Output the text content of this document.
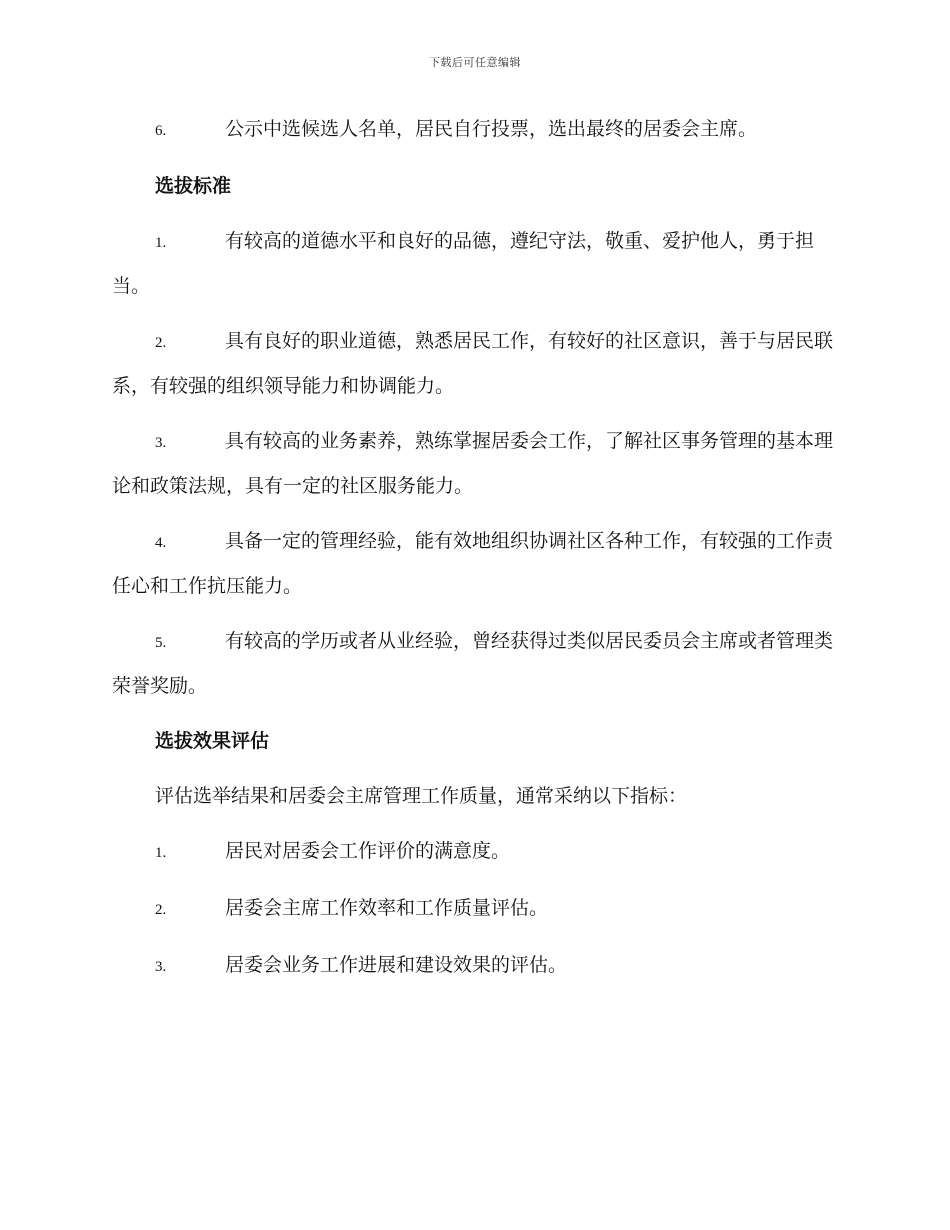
下载后可任意编辑
6.	公示中选候选人名单，居民自行投票，选出最终的居委会主席。
选拔标准
1.	有较高的道德水平和良好的品德，遵纪守法，敬重、爱护他人，勇于担当。
2.	具有良好的职业道德，熟悉居民工作，有较好的社区意识，善于与居民联系，有较强的组织领导能力和协调能力。
3.	具有较高的业务素养，熟练掌握居委会工作，了解社区事务管理的基本理论和政策法规，具有一定的社区服务能力。
4.	具备一定的管理经验，能有效地组织协调社区各种工作，有较强的工作责任心和工作抗压能力。
5.	有较高的学历或者从业经验，曾经获得过类似居民委员会主席或者管理类荣誉奖励。
选拔效果评估
评估选举结果和居委会主席管理工作质量，通常采纳以下指标：
1.	居民对居委会工作评价的满意度。
2.	居委会主席工作效率和工作质量评估。
3.	居委会业务工作进展和建设效果的评估。
